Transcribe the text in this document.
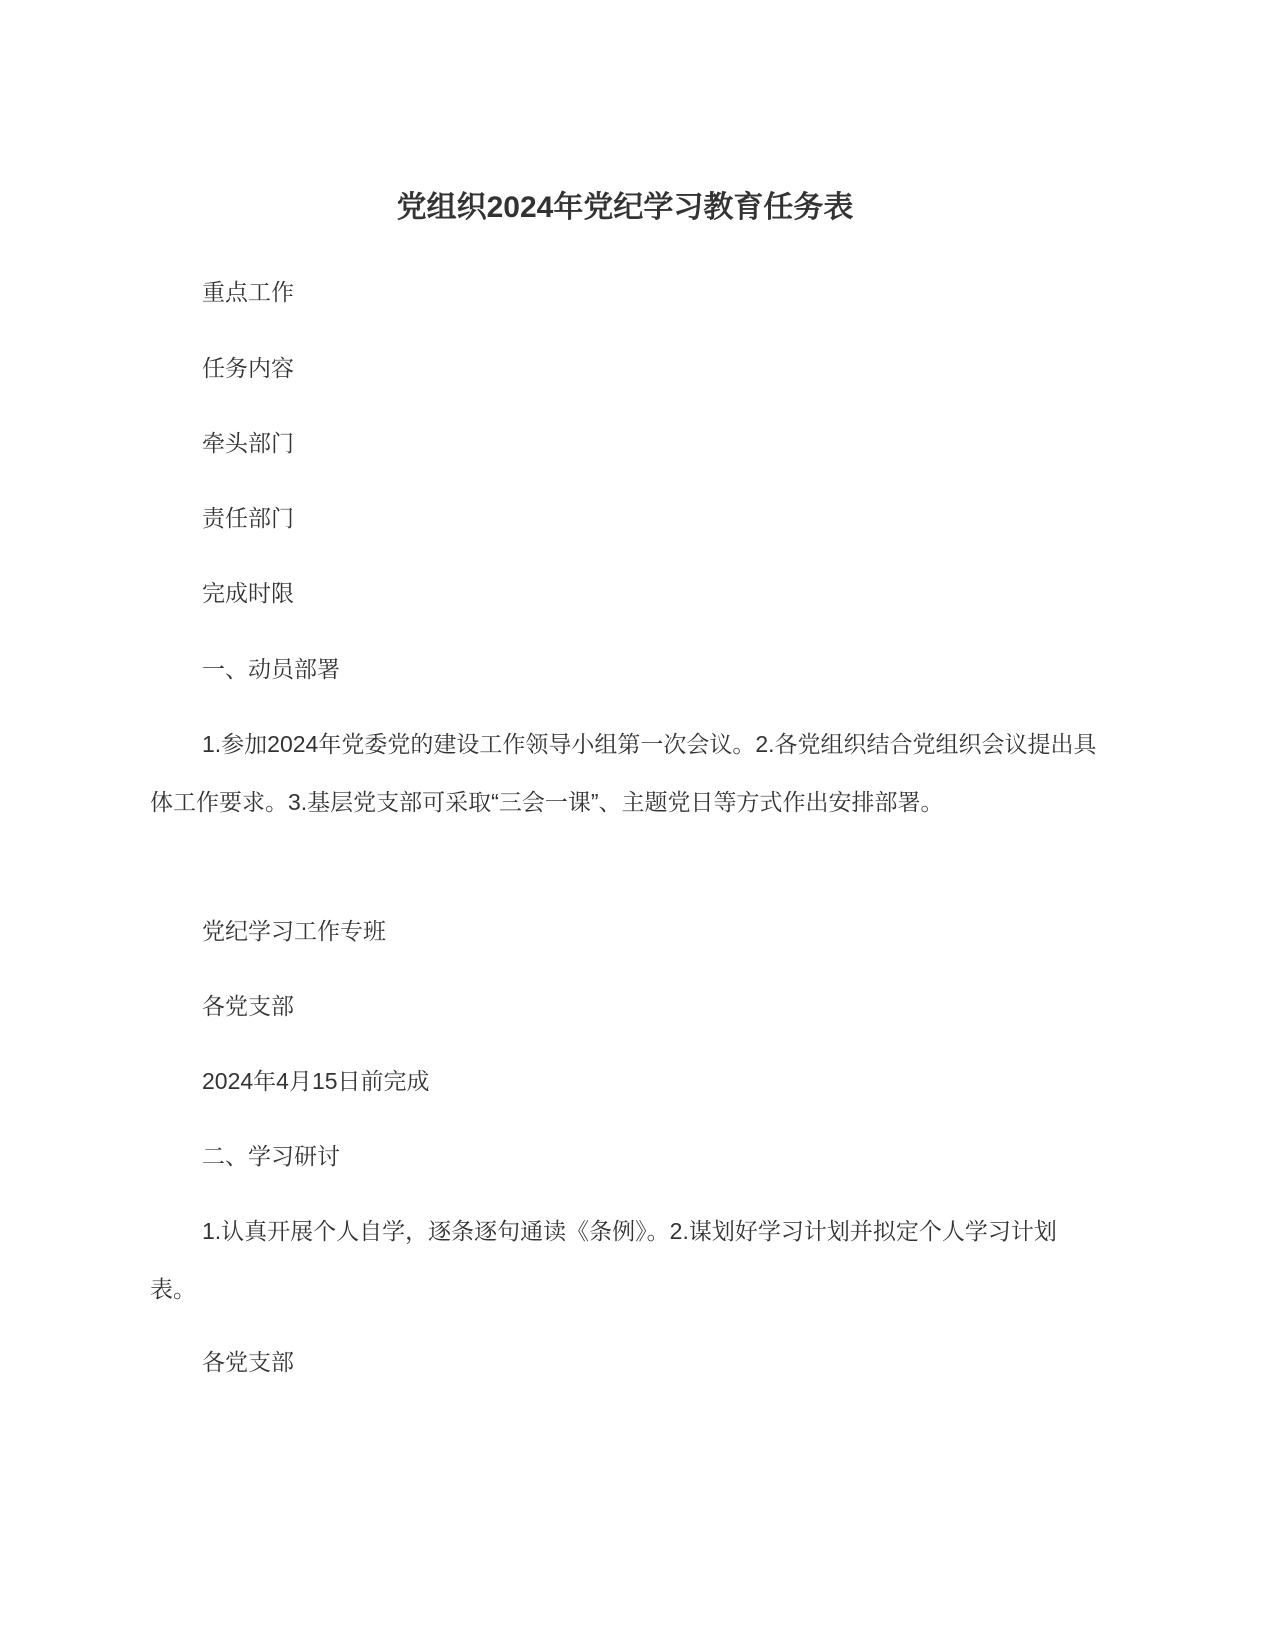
党组织2024年党纪学习教育任务表

重点工作

任务内容

牵头部门

责任部门

完成时限

一、动员部署

1.参加2024年党委党的建设工作领导小组第一次会议。2.各党组织结合党组织会议提出具体工作要求。3.基层党支部可采取“三会一课”、主题党日等方式作出安排部署。

党纪学习工作专班

各党支部

2024年4月15日前完成

二、学习研讨

1.认真开展个人自学，逐条逐句通读《条例》。2.谋划好学习计划并拟定个人学习计划表。

各党支部
